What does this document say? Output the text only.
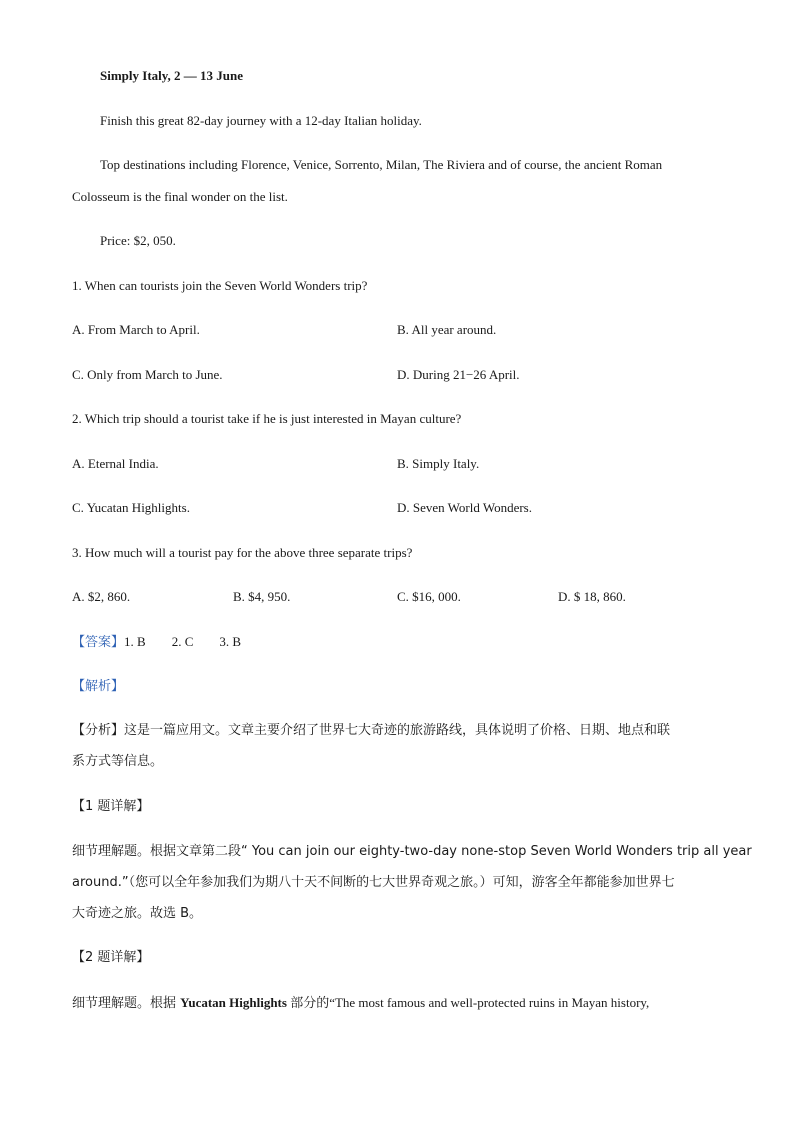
Simply Italy, 2 — 13 June
Finish this great 82-day journey with a 12-day Italian holiday.
Top destinations including Florence, Venice, Sorrento, Milan, The Riviera and of course, the ancient Roman
Colosseum is the final wonder on the list.
Price: $2, 050.
1. When can tourists join the Seven World Wonders trip?
A. From March to April.	B. All year around.
C. Only from March to June.	D. During 21−26 April.
2. Which trip should a tourist take if he is just interested in Mayan culture?
A. Eternal India.	B. Simply Italy.
C. Yucatan Highlights.	D. Seven World Wonders.
3. How much will a tourist pay for the above three separate trips?
A. $2, 860.	B. $4, 950.	C. $16, 000.	D. $ 18, 860.
【答案】1. B 2. C 3. B
【解析】
【分析】这是一篇应用文。文章主要介绍了世界七大奇迹的旅游路线，具体说明了价格、日期、地点和联
系方式等信息。
【1 题详解】
细节理解题。根据文章第二段“ You can join our eighty-two-day none-stop Seven World Wonders trip all year
around.”（您可以全年参加我们为期八十天不间断的七大世界奇观之旅。）可知，游客全年都能参加世界七
大奇迹之旅。故选 B。
【2 题详解】
细节理解题。根据 Yucatan Highlights 部分的“The most famous and well-protected ruins in Mayan history,
